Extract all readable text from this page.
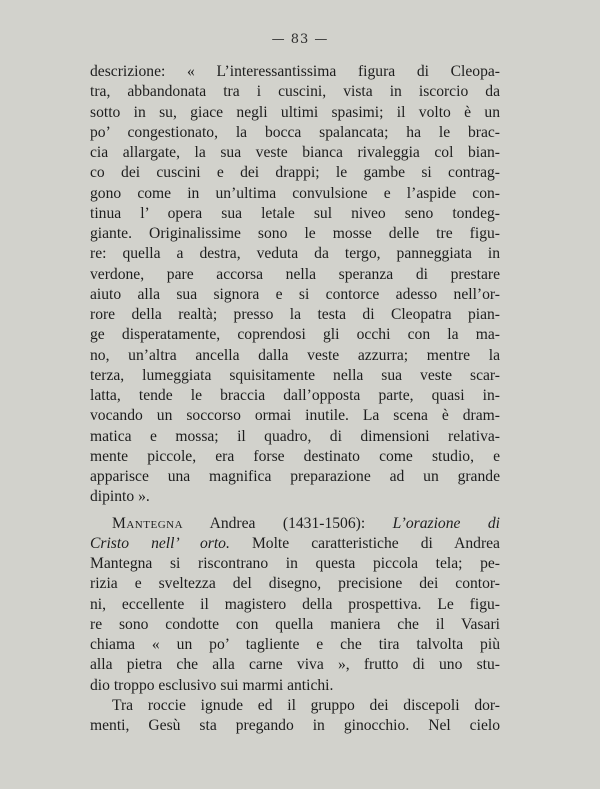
— 83 —
descrizione: « L’interessantissima figura di Cleopa-
tra, abbandonata tra i cuscini, vista in iscorcio da
sotto in su, giace negli ultimi spasimi; il volto è un
po’ congestionato, la bocca spalancata; ha le brac-
cia allargate, la sua veste bianca rivaleggia col bian-
co dei cuscini e dei drappi; le gambe si contrag-
gono come in un’ultima convulsione e l’aspide con-
tinua l’ opera sua letale sul niveo seno tondeg-
giante. Originalissime sono le mosse delle tre figu-
re: quella a destra, veduta da tergo, panneggiata in
verdone, pare accorsa nella speranza di prestare
aiuto alla sua signora e si contorce adesso nell’or-
rore della realtà; presso la testa di Cleopatra pian-
ge disperatamente, coprendosi gli occhi con la ma-
no, un’altra ancella dalla veste azzurra; mentre la
terza, lumeggiata squisitamente nella sua veste scar-
latta, tende le braccia dall’opposta parte, quasi in-
vocando un soccorso ormai inutile. La scena è dram-
matica e mossa; il quadro, di dimensioni relativa-
mente piccole, era forse destinato come studio, e
apparisce una magnifica preparazione ad un grande
dipinto ».
Mantegna Andrea (1431-1506): L’orazione di
Cristo nell’ orto. Molte caratteristiche di Andrea
Mantegna si riscontrano in questa piccola tela; pe-
rizia e sveltezza del disegno, precisione dei contor-
ni, eccellente il magistero della prospettiva. Le figu-
re sono condotte con quella maniera che il Vasari
chiama « un po’ tagliente e che tira talvolta più
alla pietra che alla carne viva », frutto di uno stu-
dio troppo esclusivo sui marmi antichi.
Tra roccie ignude ed il gruppo dei discepoli dor-
menti, Gesù sta pregando in ginocchio. Nel cielo
